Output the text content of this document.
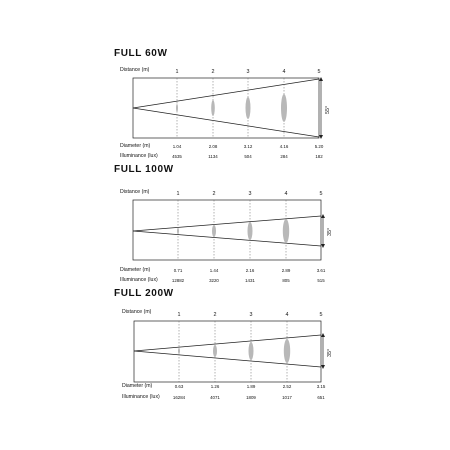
FULL 60W
Distance (m)	1	2	3	4	5
55°
Diameter (m)	1.04	2.08	3.12	4.16	5.20
Illuminance (lux)	4535	1134	504	284	182
FULL 100W
Distance (m)	1	2	3	4	5
35°
Diameter (m)	0.71	1.44	2.16	2.89	3.61
Illuminance (lux)	12882	3220	1431	805	515
FULL 200W
Distance (m)	1	2	3	4	5
35°
Diameter (m)	0.63	1.26	1.89	2.52	3.15
Illuminance (lux)	16284	4071	1809	1017	651
